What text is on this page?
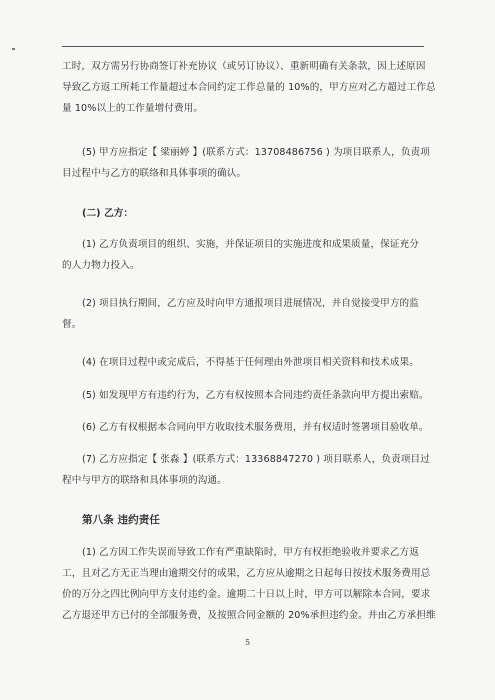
工时，双方需另行协商签订补充协议（或另订协议）、重新明确有关条款，因上述原因
导致乙方返工所耗工作量超过本合同约定工作总量的 10%的，甲方应对乙方超过工作总
量 10%以上的工作量增付费用。

(5) 甲方应指定【 梁丽婷 】(联系方式：13708486756 ) 为项目联系人，负责项
目过程中与乙方的联络和具体事项的确认。

(二) 乙方：

(1) 乙方负责项目的组织、实施，并保证项目的实施进度和成果质量，保证充分
的人力物力投入。

(2) 项目执行期间，乙方应及时向甲方通报项目进展情况，并自觉接受甲方的监
督。

(4) 在项目过程中或完成后，不得基于任何理由外泄项目相关资料和技术成果。

(5) 如发现甲方有违约行为，乙方有权按照本合同违约责任条款向甲方提出索赔。

(6) 乙方有权根据本合同向甲方收取技术服务费用，并有权适时签署项目验收单。

(7) 乙方应指定【 张淼 】(联系方式：13368847270 ) 项目联系人，负责项目过
程中与甲方的联络和具体事项的沟通。

第八条 违约责任

(1) 乙方因工作失误而导致工作有严重缺陷时，甲方有权拒绝验收并要求乙方返
工，且对乙方无正当理由逾期交付的成果，乙方应从逾期之日起每日按技术服务费用总
价的万分之四比例向甲方支付违约金。逾期二十日以上时，甲方可以解除本合同，要求
乙方退还甲方已付的全部服务费，及按照合同金额的 20%承担违约金。并由乙方承担维

5
